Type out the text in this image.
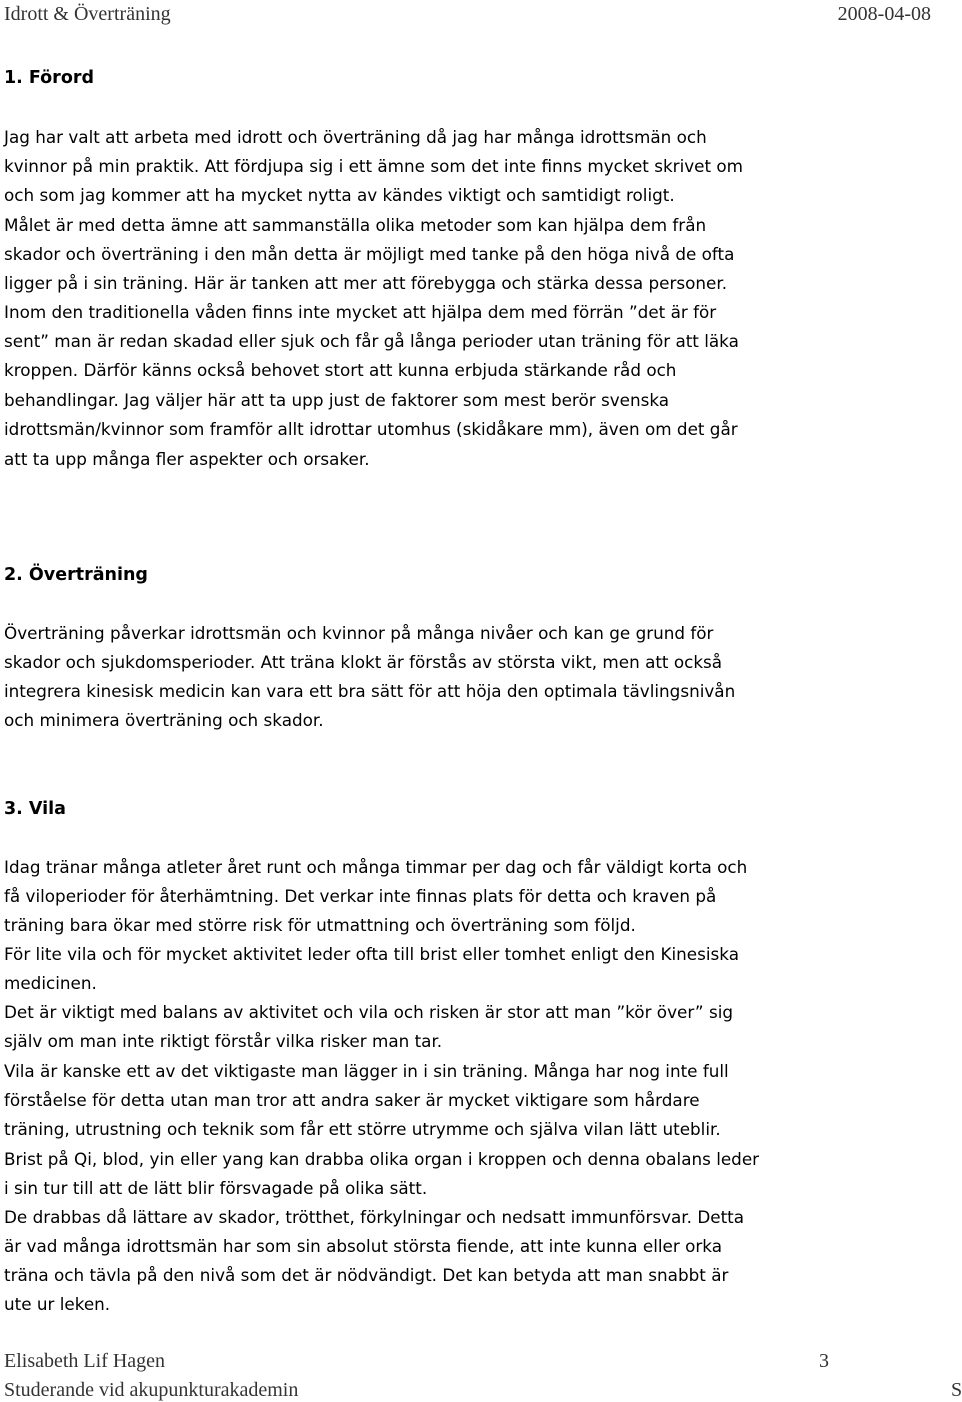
Idrott & Överträning	2008-04-08
1. Förord
Jag har valt att arbeta med idrott och överträning då jag har många idrottsmän och
kvinnor på min praktik. Att fördjupa sig i ett ämne som det inte finns mycket skrivet om
och som jag kommer att ha mycket nytta av kändes viktigt och samtidigt roligt.
Målet är med detta ämne att sammanställa olika metoder som kan hjälpa dem från
skador och överträning i den mån detta är möjligt med tanke på den höga nivå de ofta
ligger på i sin träning. Här är tanken att mer att förebygga och stärka dessa personer.
Inom den traditionella våden finns inte mycket att hjälpa dem med förrän ”det är för
sent” man är redan skadad eller sjuk och får gå långa perioder utan träning för att läka
kroppen. Därför känns också behovet stort att kunna erbjuda stärkande råd och
behandlingar. Jag väljer här att ta upp just de faktorer som mest berör svenska
idrottsmän/kvinnor som framför allt idrottar utomhus (skidåkare mm), även om det går
att ta upp många fler aspekter och orsaker.
2. Överträning
Överträning påverkar idrottsmän och kvinnor på många nivåer och kan ge grund för
skador och sjukdomsperioder. Att träna klokt är förstås av största vikt, men att också
integrera kinesisk medicin kan vara ett bra sätt för att höja den optimala tävlingsnivån
och minimera överträning och skador.
3. Vila
Idag tränar många atleter året runt och många timmar per dag och får väldigt korta och
få viloperioder för återhämtning. Det verkar inte finnas plats för detta och kraven på
träning bara ökar med större risk för utmattning och överträning som följd.
För lite vila och för mycket aktivitet leder ofta till brist eller tomhet enligt den Kinesiska
medicinen.
Det är viktigt med balans av aktivitet och vila och risken är stor att man ”kör över” sig
själv om man inte riktigt förstår vilka risker man tar.
Vila är kanske ett av det viktigaste man lägger in i sin träning. Många har nog inte full
förståelse för detta utan man tror att andra saker är mycket viktigare som hårdare
träning, utrustning och teknik som får ett större utrymme och själva vilan lätt uteblir.
Brist på Qi, blod, yin eller yang kan drabba olika organ i kroppen och denna obalans leder
i sin tur till att de lätt blir försvagade på olika sätt.
De drabbas då lättare av skador, trötthet, förkylningar och nedsatt immunförsvar. Detta
är vad många idrottsmän har som sin absolut största fiende, att inte kunna eller orka
träna och tävla på den nivå som det är nödvändigt. Det kan betyda att man snabbt är
ute ur leken.
Elisabeth Lif Hagen	3
Studerande vid akupunkturakademin	S
